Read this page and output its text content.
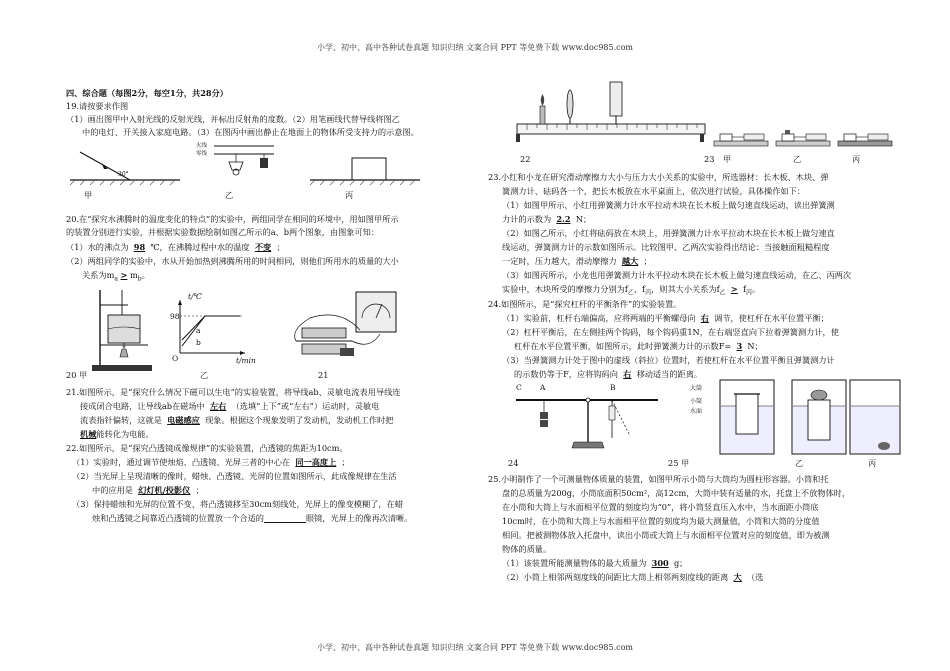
小学、初中、高中各种试卷真题 知识归纳 文案合同 PPT 等免费下载 www.doc985.com
小学、初中、高中各种试卷真题 知识归纳 文案合同 PPT 等免费下载 www.doc985.com
四、综合题（每图2分，每空1分，共28分）
19.请按要求作图
（1）画出图甲中入射光线的反射光线，并标出反射角的度数。（2）用笔画线代替导线将图乙
中的电灯、开关接入家庭电路。（3）在图丙中画出静止在地面上的物体所受支持力的示意图。
30°
甲
火线
零线
乙	丙
20.在“探究水沸腾时的温度变化的特点”的实验中，两组同学在相同的环境中，用如图甲所示
的装置分别进行实验，并根据实验数据绘制如图乙所示的a、b两个图象，由图象可知：
（1）水的沸点为 98 ℃，在沸腾过程中水的温度 不变 ；
（2）两组同学的实验中，水从开始加热到沸腾所用的时间相同，则他们所用水的质量的大小
关系为$m_a > m_b$。
20 甲
t/℃
98
a
b
O	t/min
乙	21
21.如图所示，是“探究什么情况下磁可以生电”的实验装置，将导线ab、灵敏电流表用导线连
接成闭合电路，让导线ab在磁场中 左右 （选填“上下”或“左右”）运动时，灵敏电
流表指针偏转，这就是 电磁感应 现象。根据这个现象发明了发动机，发动机工作时把
机械能转化为电能。
22.如图所示，是“探究凸透镜成像规律”的实验装置，凸透镜的焦距为10cm。
（1）实验时，通过调节使烛焰、凸透镜、光屏三者的中心在 同一高度上 ；
（2）当光屏上呈现清晰的像时，蜡烛、凸透镜、光屏的位置如图所示，此成像规律在生活
中的应用是 幻灯机/投影仪 ；
（3）保持蜡烛和光屏的位置不变，将凸透镜移至30cm刻线处，光屏上的像变模糊了，在蜡
烛和凸透镜之间靠近凸透镜的位置放一个合适的	眼镜，光屏上的像再次清晰。
22	23 甲	乙	丙
23.小红和小龙在研究滑动摩擦力大小与压力大小关系的实验中，所选器材：长木板、木块、弹
簧测力计、砝码各一个，把长木板放在水平桌面上，依次进行试验，具体操作如下：
（1）如图甲所示，小红用弹簧测力计水平拉动木块在长木板上做匀速直线运动，读出弹簧测
力计的示数为 2.2 N；
（2）如图乙所示，小红将砝码放在木块上，用弹簧测力计水平拉动木块在长木板上做匀速直
线运动，弹簧测力计的示数如图所示。比较图甲、乙两次实验得出结论：当接触面粗糙程度
一定时，压力越大，滑动摩擦力 越大 ；
（3）如图丙所示，小龙也用弹簧测力计水平拉动木块在长木板上做匀速直线运动，在乙、丙两次
实验中，木块所受的摩擦力分别为$f_乙$、$f_丙$，则其大小关系为$f_乙 > f_丙$。
24.如图所示，是“探究杠杆的平衡条件”的实验装置。
（1）实验前，杠杆右端偏高，应将两端的平衡螺母向 右 调节，使杠杆在水平位置平衡；
（2）杠杆平衡后，在左侧挂两个钩码，每个钩码重1N，在右端竖直向下拉着弹簧测力计，使
杠杆在水平位置平衡，如图所示，此时弹簧测力计的示数F= 3 N；
（3）当弹簧测力计处于图中的虚线（斜拉）位置时，若使杠杆在水平位置平衡且弹簧测力计
的示数仍等于F，应将钩码向 右 移动适当的距离。
C A	B
24
大筒
小筒
水面
25 甲	乙	丙
25.小明制作了一个可测量物体质量的装置，如图甲所示小筒与大筒均为圆柱形容器。小筒和托
盘的总质量为200g，小筒底面积50cm²，高12cm，大筒中装有适量的水，托盘上不放物体时，
在小筒和大筒上与水面相平位置的刻度均为“0”，将小筒竖直压入水中，当水面距小筒底
10cm时，在小筒和大筒上与水面相平位置的刻度均为最大测量值，小筒和大筒的分度值
相同。把被测物体放入托盘中，读出小筒或大筒上与水面相平位置对应的刻度值，即为被测
物体的质量。
（1）该装置所能测量物体的最大质量为 300 g；
（2）小筒上相邻两刻度线的间距比大筒上相邻两刻度线的距离 大 （选
